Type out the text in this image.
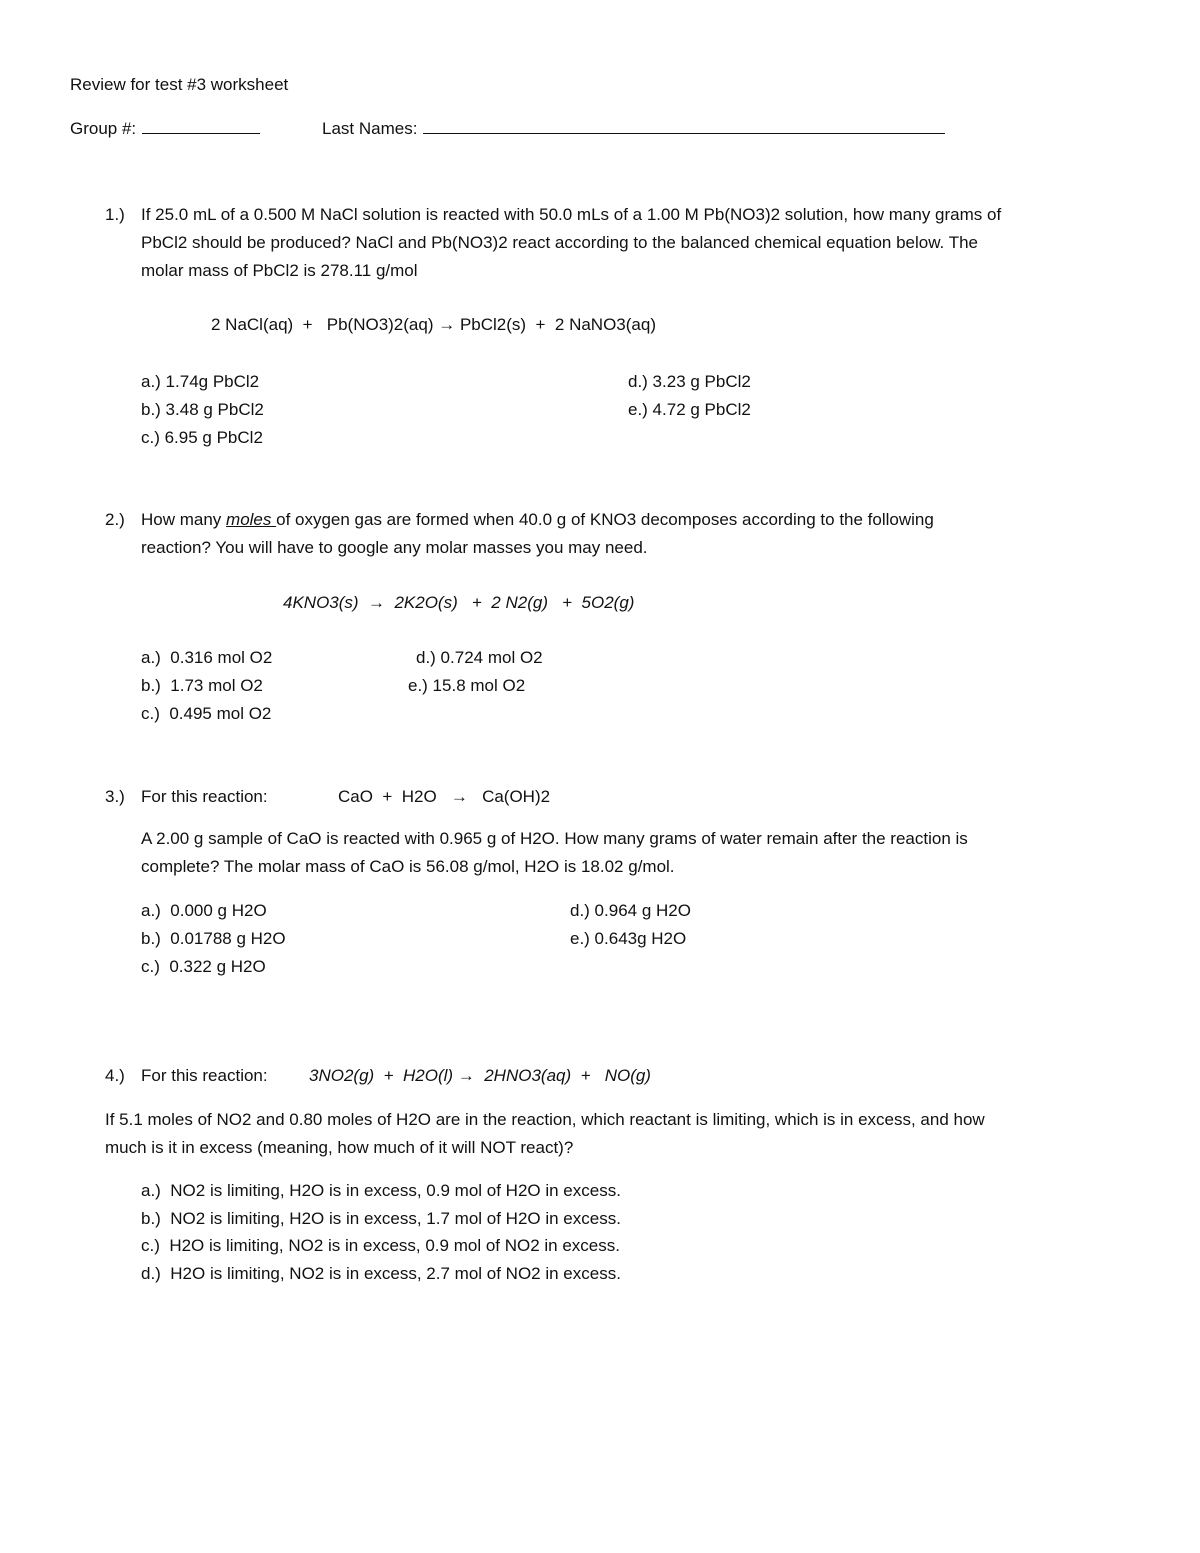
Review for test #3 worksheet
Group #:	Last Names:
1.) If 25.0 mL of a 0.500 M NaCl solution is reacted with 50.0 mLs of a 1.00 M Pb(NO3)2 solution, how many grams of
PbCl2 should be produced? NaCl and Pb(NO3)2 react according to the balanced chemical equation below. The
molar mass of PbCl2 is 278.11 g/mol
2 NaCl(aq)  +   Pb(NO3)2(aq) → PbCl2(s)  +  2 NaNO3(aq)
a.) 1.74g PbCl2
b.) 3.48 g PbCl2
c.) 6.95 g PbCl2
d.) 3.23 g PbCl2
e.) 4.72 g PbCl2
2.) How many moles of oxygen gas are formed when 40.0 g of KNO3 decomposes according to the following
reaction? You will have to google any molar masses you may need.
4KNO3(s)  →  2K2O(s)   +  2 N2(g)   +  5O2(g)
a.)  0.316 mol O2
b.)  1.73 mol O2
c.)  0.495 mol O2
d.) 0.724 mol O2
e.) 15.8 mol O2
3.) For this reaction:	CaO  +  H2O   →   Ca(OH)2
A 2.00 g sample of CaO is reacted with 0.965 g of H2O. How many grams of water remain after the reaction is
complete? The molar mass of CaO is 56.08 g/mol, H2O is 18.02 g/mol.
a.)  0.000 g H2O
b.)  0.01788 g H2O
c.)  0.322 g H2O
d.) 0.964 g H2O
e.) 0.643g H2O
4.) For this reaction: 3NO2(g)  +  H2O(l) →  2HNO3(aq)  +   NO(g)
If 5.1 moles of NO2 and 0.80 moles of H2O are in the reaction, which reactant is limiting, which is in excess, and how
much is it in excess (meaning, how much of it will NOT react)?
a.)  NO2 is limiting, H2O is in excess, 0.9 mol of H2O in excess.
b.)  NO2 is limiting, H2O is in excess, 1.7 mol of H2O in excess.
c.)  H2O is limiting, NO2 is in excess, 0.9 mol of NO2 in excess.
d.)  H2O is limiting, NO2 is in excess, 2.7 mol of NO2 in excess.
